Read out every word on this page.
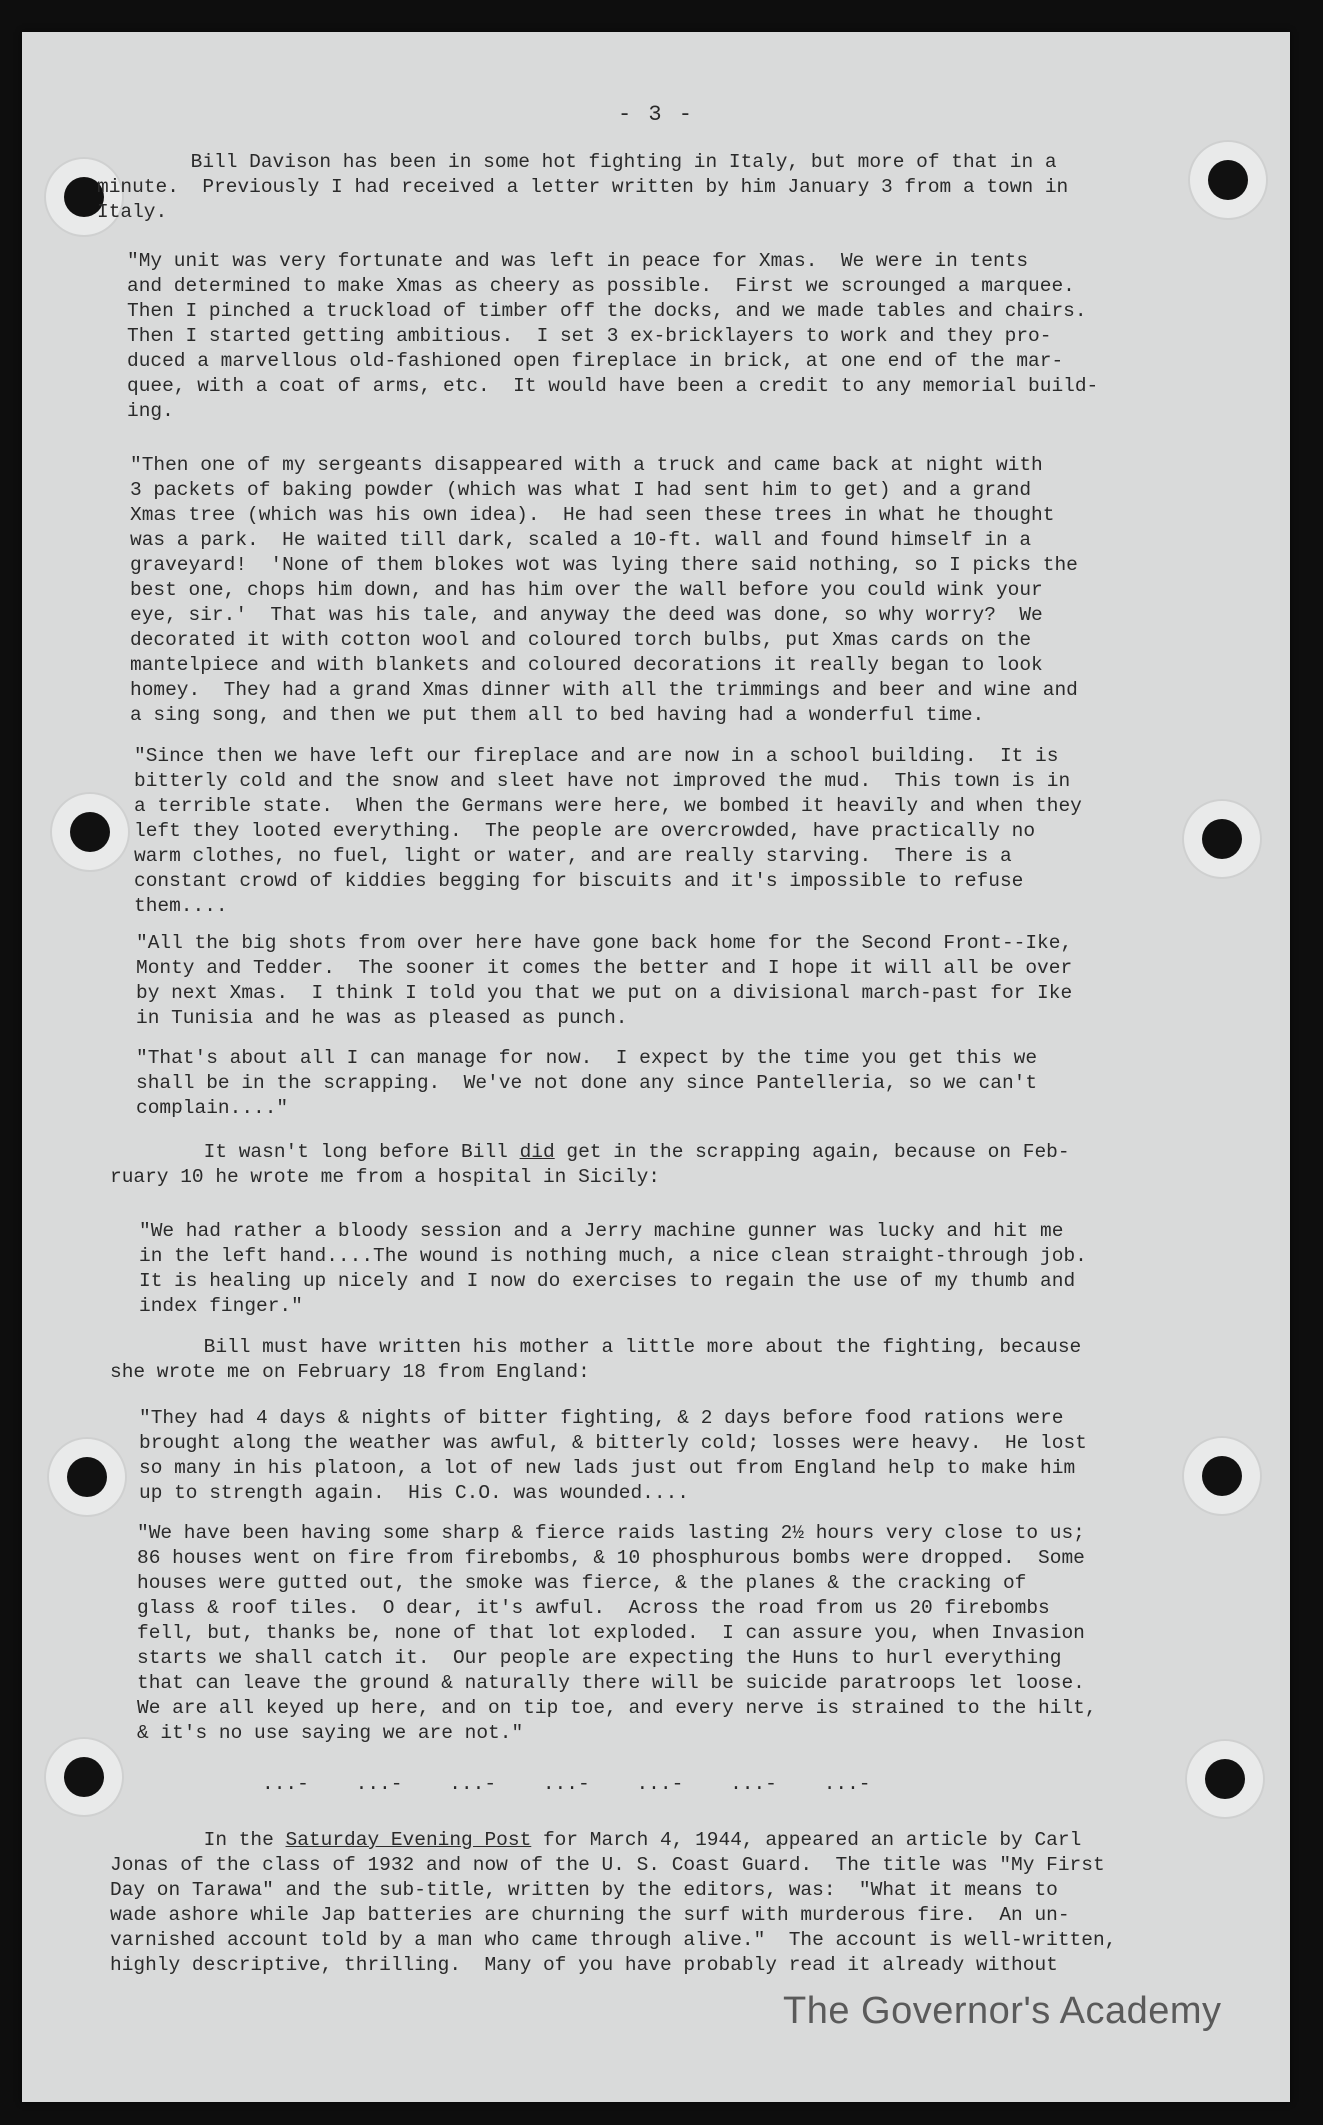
- 3 -

Bill Davison has been in some hot fighting in Italy, but more of that in a
minute.  Previously I had received a letter written by him January 3 from a town in
Italy.

"My unit was very fortunate and was left in peace for Xmas.  We were in tents
and determined to make Xmas as cheery as possible.  First we scrounged a marquee.
Then I pinched a truckload of timber off the docks, and we made tables and chairs.
Then I started getting ambitious.  I set 3 ex-bricklayers to work and they pro-
duced a marvellous old-fashioned open fireplace in brick, at one end of the mar-
quee, with a coat of arms, etc.  It would have been a credit to any memorial build-
ing.

"Then one of my sergeants disappeared with a truck and came back at night with
3 packets of baking powder (which was what I had sent him to get) and a grand
Xmas tree (which was his own idea).  He had seen these trees in what he thought
was a park.  He waited till dark, scaled a 10-ft. wall and found himself in a
graveyard!  'None of them blokes wot was lying there said nothing, so I picks the
best one, chops him down, and has him over the wall before you could wink your
eye, sir.'  That was his tale, and anyway the deed was done, so why worry?  We
decorated it with cotton wool and coloured torch bulbs, put Xmas cards on the
mantelpiece and with blankets and coloured decorations it really began to look
homey.  They had a grand Xmas dinner with all the trimmings and beer and wine and
a sing song, and then we put them all to bed having had a wonderful time.

"Since then we have left our fireplace and are now in a school building.  It is
bitterly cold and the snow and sleet have not improved the mud.  This town is in
a terrible state.  When the Germans were here, we bombed it heavily and when they
left they looted everything.  The people are overcrowded, have practically no
warm clothes, no fuel, light or water, and are really starving.  There is a
constant crowd of kiddies begging for biscuits and it's impossible to refuse
them....

"All the big shots from over here have gone back home for the Second Front--Ike,
Monty and Tedder.  The sooner it comes the better and I hope it will all be over
by next Xmas.  I think I told you that we put on a divisional march-past for Ike
in Tunisia and he was as pleased as punch.

"That's about all I can manage for now.  I expect by the time you get this we
shall be in the scrapping.  We've not done any since Pantelleria, so we can't
complain...."

It wasn't long before Bill did get in the scrapping again, because on Feb-
ruary 10 he wrote me from a hospital in Sicily:

"We had rather a bloody session and a Jerry machine gunner was lucky and hit me
in the left hand....The wound is nothing much, a nice clean straight-through job.
It is healing up nicely and I now do exercises to regain the use of my thumb and
index finger."

Bill must have written his mother a little more about the fighting, because
she wrote me on February 18 from England:

"They had 4 days & nights of bitter fighting, & 2 days before food rations were
brought along the weather was awful, & bitterly cold; losses were heavy.  He lost
so many in his platoon, a lot of new lads just out from England help to make him
up to strength again.  His C.O. was wounded....

"We have been having some sharp & fierce raids lasting 2½ hours very close to us;
86 houses went on fire from firebombs, & 10 phosphurous bombs were dropped.  Some
houses were gutted out, the smoke was fierce, & the planes & the cracking of
glass & roof tiles.  O dear, it's awful.  Across the road from us 20 firebombs
fell, but, thanks be, none of that lot exploded.  I can assure you, when Invasion
starts we shall catch it.  Our people are expecting the Huns to hurl everything
that can leave the ground & naturally there will be suicide paratroops let loose.
We are all keyed up here, and on tip toe, and every nerve is strained to the hilt,
& it's no use saying we are not."

...-    ...-    ...-    ...-    ...-    ...-    ...-

In the Saturday Evening Post for March 4, 1944, appeared an article by Carl
Jonas of the class of 1932 and now of the U. S. Coast Guard.  The title was "My First
Day on Tarawa" and the sub-title, written by the editors, was:  "What it means to
wade ashore while Jap batteries are churning the surf with murderous fire.  An un-
varnished account told by a man who came through alive."  The account is well-written,
highly descriptive, thrilling.  Many of you have probably read it already without

The Governor's Academy
